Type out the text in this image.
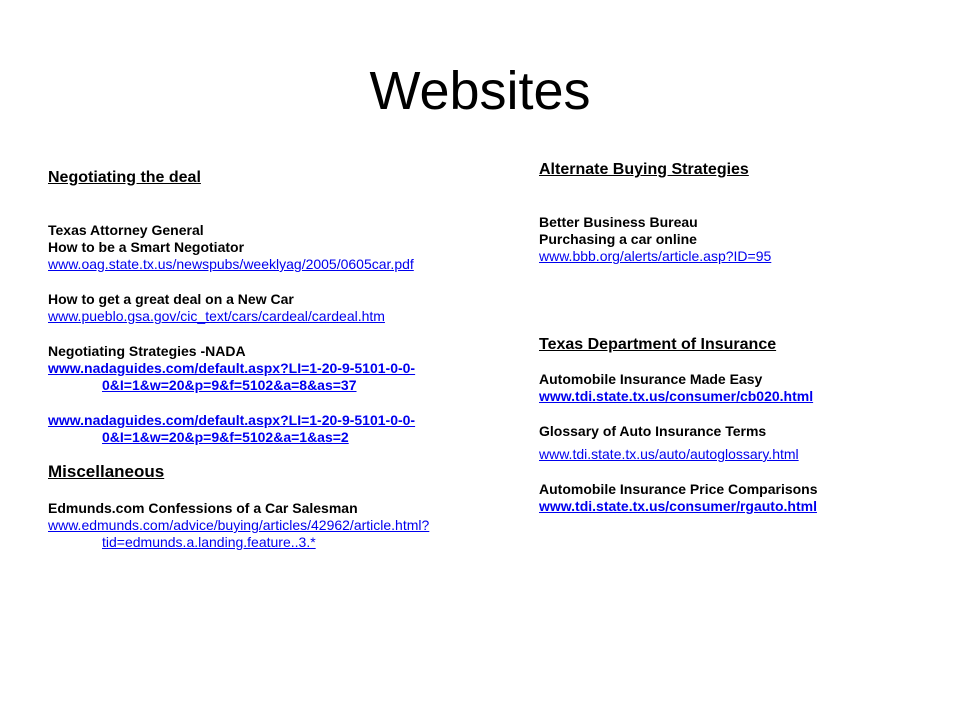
Websites
Negotiating the deal
Texas Attorney General
How to be a Smart Negotiator
www.oag.state.tx.us/newspubs/weeklyag/2005/0605car.pdf
How to get a great deal on a New Car
www.pueblo.gsa.gov/cic_text/cars/cardeal/cardeal.htm
Negotiating Strategies -NADA
www.nadaguides.com/default.aspx?LI=1-20-9-5101-0-0-0&I=1&w=20&p=9&f=5102&a=8&as=37
www.nadaguides.com/default.aspx?LI=1-20-9-5101-0-0-0&I=1&w=20&p=9&f=5102&a=1&as=2
Miscellaneous
Edmunds.com Confessions of a Car Salesman
www.edmunds.com/advice/buying/articles/42962/article.html?tid=edmunds.a.landing.feature..3.*
Alternate Buying Strategies
Better Business Bureau
Purchasing a car online
www.bbb.org/alerts/article.asp?ID=95
Texas Department of Insurance
Automobile Insurance Made Easy
www.tdi.state.tx.us/consumer/cb020.html
Glossary of Auto Insurance Terms
www.tdi.state.tx.us/auto/autoglossary.html
Automobile Insurance Price Comparisons
www.tdi.state.tx.us/consumer/rgauto.html
